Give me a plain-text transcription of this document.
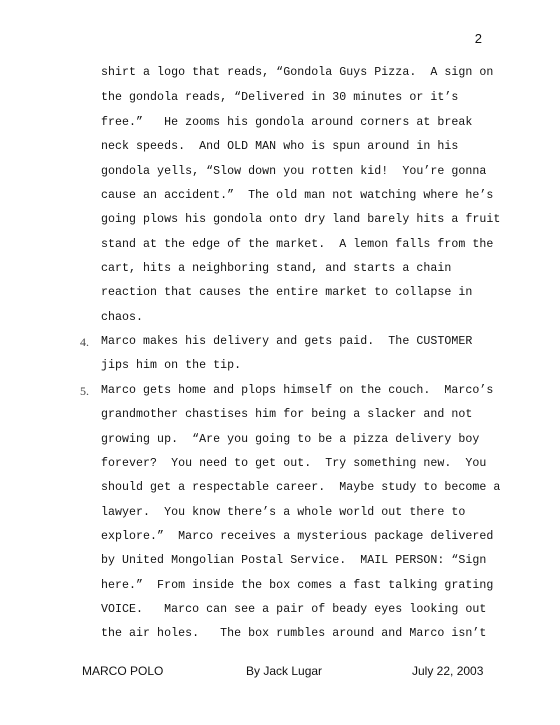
2
shirt a logo that reads, “Gondola Guys Pizza.  A sign on
the gondola reads, “Delivered in 30 minutes or it’s
free.”   He zooms his gondola around corners at break
neck speeds.  And OLD MAN who is spun around in his
gondola yells, “Slow down you rotten kid!  You’re gonna
cause an accident.”  The old man not watching where he’s
going plows his gondola onto dry land barely hits a fruit
stand at the edge of the market.  A lemon falls from the
cart, hits a neighboring stand, and starts a chain
reaction that causes the entire market to collapse in
chaos.
4. Marco makes his delivery and gets paid.  The CUSTOMER
jips him on the tip.
5. Marco gets home and plops himself on the couch.  Marco’s
grandmother chastises him for being a slacker and not
growing up.  “Are you going to be a pizza delivery boy
forever?  You need to get out.  Try something new.  You
should get a respectable career.  Maybe study to become a
lawyer.  You know there’s a whole world out there to
explore.”  Marco receives a mysterious package delivered
by United Mongolian Postal Service.  MAIL PERSON: “Sign
here.”  From inside the box comes a fast talking grating
VOICE.   Marco can see a pair of beady eyes looking out
the air holes.   The box rumbles around and Marco isn’t
MARCO POLO	By Jack Lugar	July 22, 2003
